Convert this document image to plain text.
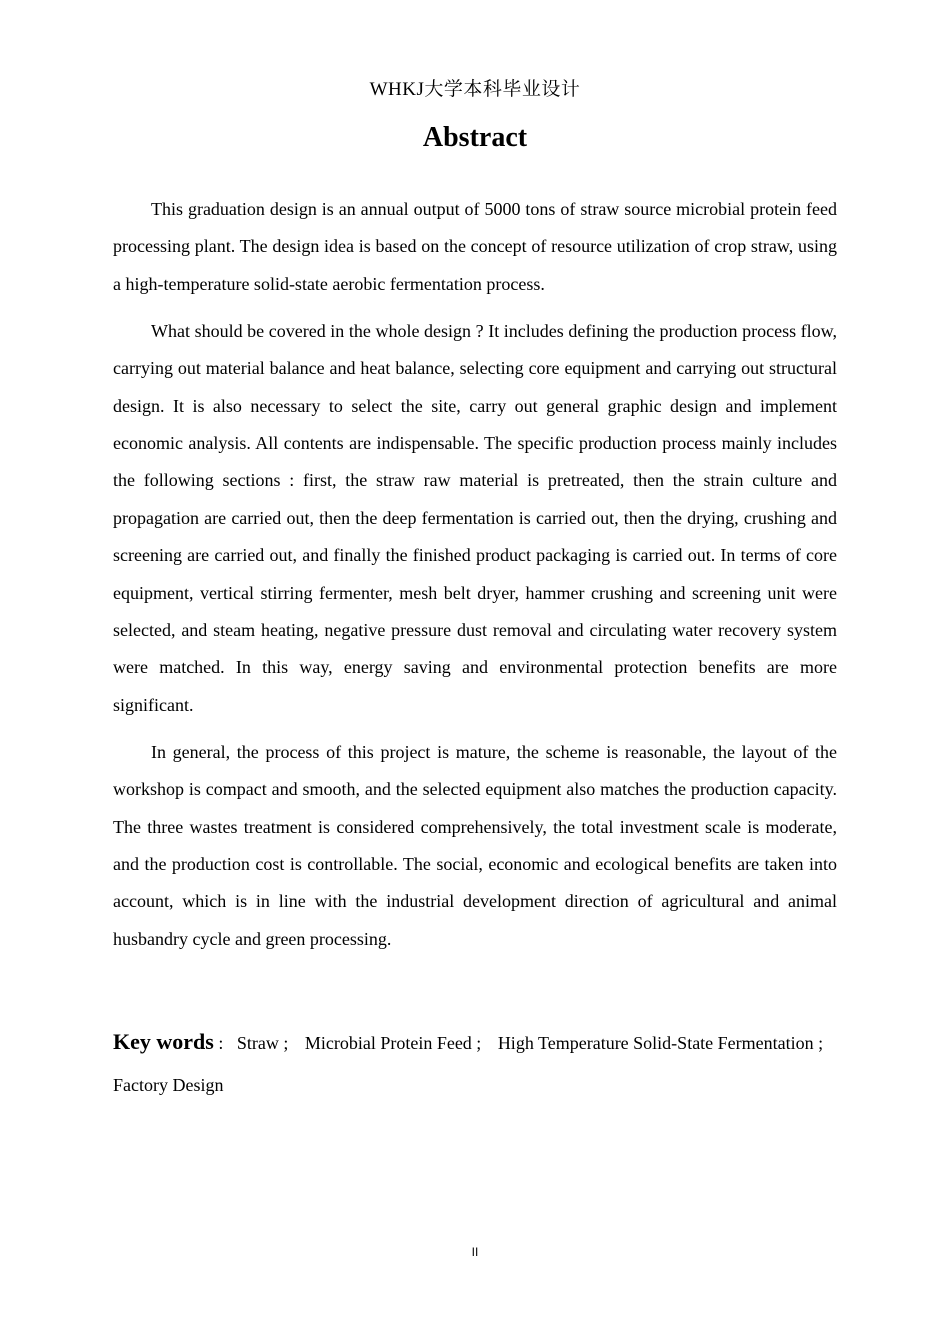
WHKJ大学本科毕业设计
Abstract

This graduation design is an annual output of 5000 tons of straw source microbial protein feed processing plant. The design idea is based on the concept of resource utilization of crop straw, using a high-temperature solid-state aerobic fermentation process.

What should be covered in the whole design ? It includes defining the production process flow, carrying out material balance and heat balance, selecting core equipment and carrying out structural design. It is also necessary to select the site, carry out general graphic design and implement economic analysis. All contents are indispensable. The specific production process mainly includes the following sections : first, the straw raw material is pretreated, then the strain culture and propagation are carried out, then the deep fermentation is carried out, then the drying, crushing and screening are carried out, and finally the finished product packaging is carried out. In terms of core equipment, vertical stirring fermenter, mesh belt dryer, hammer crushing and screening unit were selected, and steam heating, negative pressure dust removal and circulating water recovery system were matched. In this way, energy saving and environmental protection benefits are more significant.

In general, the process of this project is mature, the scheme is reasonable, the layout of the workshop is compact and smooth, and the selected equipment also matches the production capacity. The three wastes treatment is considered comprehensively, the total investment scale is moderate, and the production cost is controllable. The social, economic and ecological benefits are taken into account, which is in line with the industrial development direction of agricultural and animal husbandry cycle and green processing.

Key words :   Straw ; Microbial Protein Feed ; High Temperature Solid-State Fermentation ; Factory Design
II
